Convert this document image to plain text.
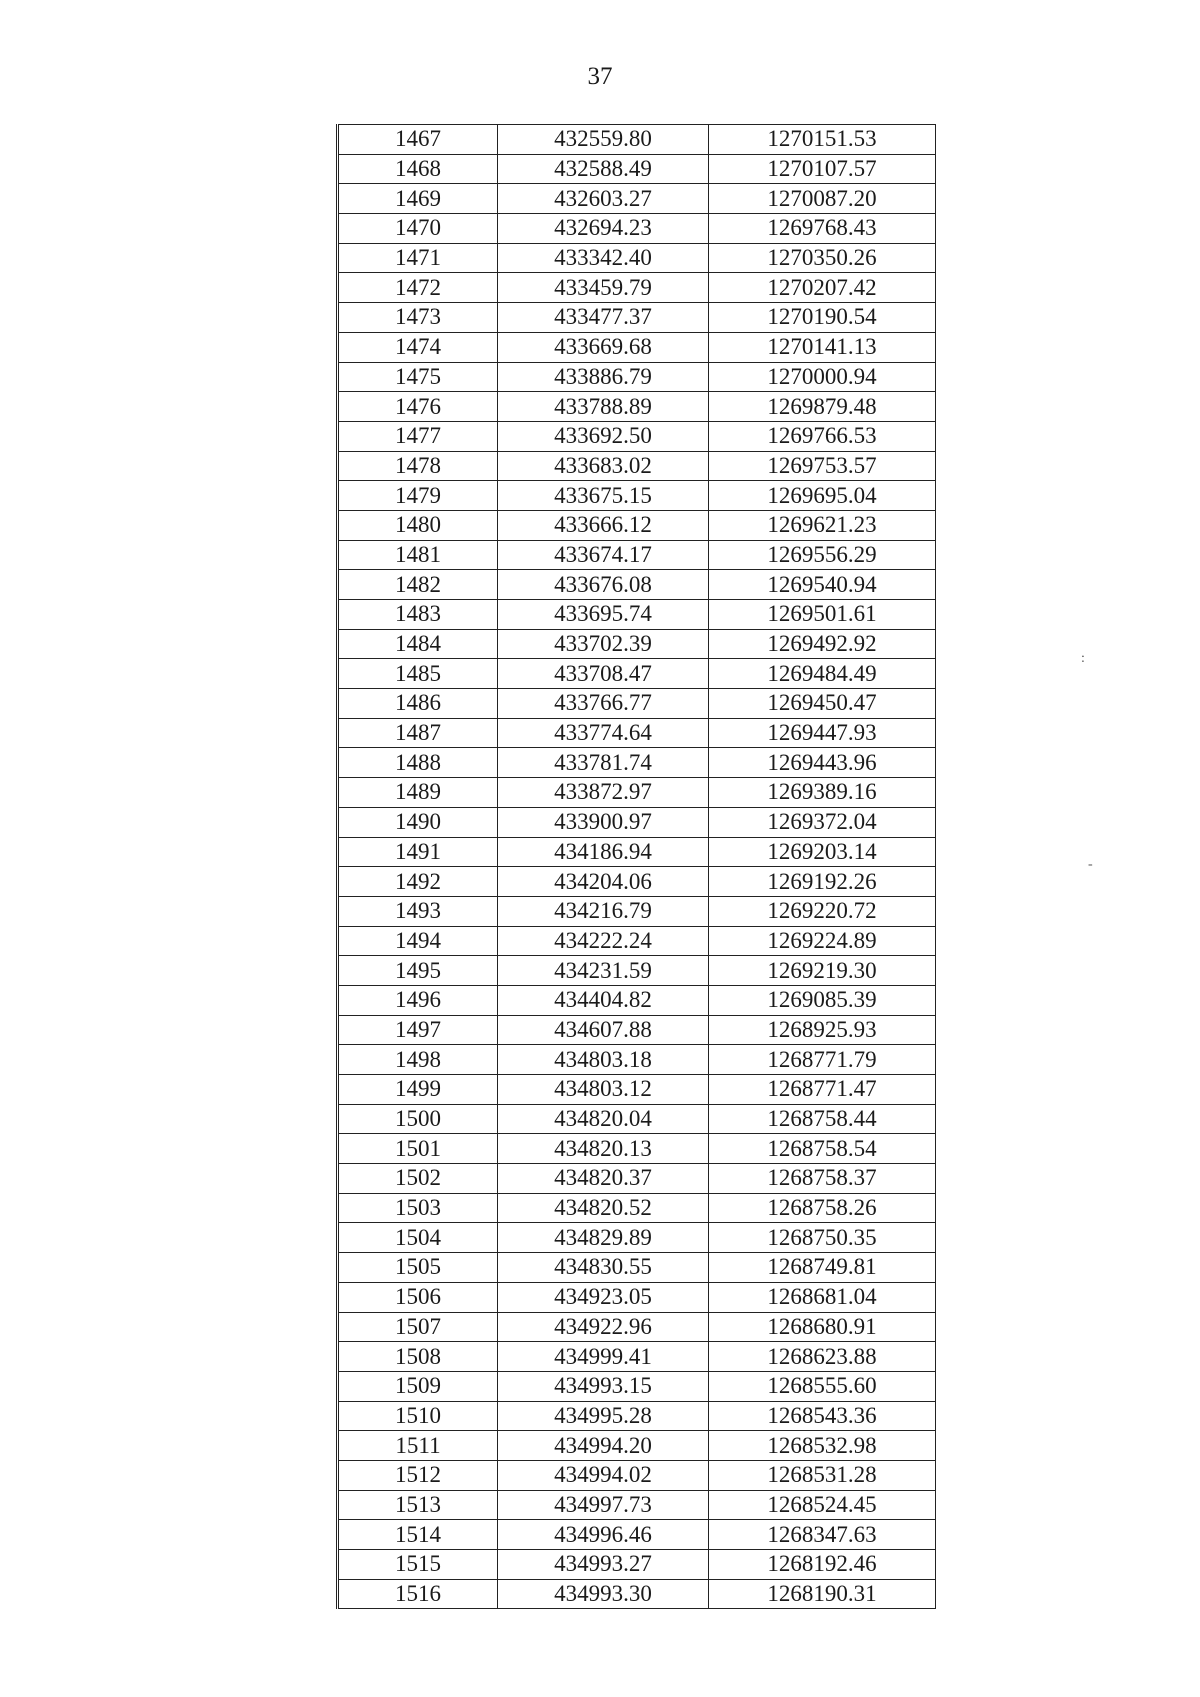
37
1467	432559.80	1270151.53
1468	432588.49	1270107.57
1469	432603.27	1270087.20
1470	432694.23	1269768.43
1471	433342.40	1270350.26
1472	433459.79	1270207.42
1473	433477.37	1270190.54
1474	433669.68	1270141.13
1475	433886.79	1270000.94
1476	433788.89	1269879.48
1477	433692.50	1269766.53
1478	433683.02	1269753.57
1479	433675.15	1269695.04
1480	433666.12	1269621.23
1481	433674.17	1269556.29
1482	433676.08	1269540.94
1483	433695.74	1269501.61
1484	433702.39	1269492.92
1485	433708.47	1269484.49
1486	433766.77	1269450.47
1487	433774.64	1269447.93
1488	433781.74	1269443.96
1489	433872.97	1269389.16
1490	433900.97	1269372.04
1491	434186.94	1269203.14
1492	434204.06	1269192.26
1493	434216.79	1269220.72
1494	434222.24	1269224.89
1495	434231.59	1269219.30
1496	434404.82	1269085.39
1497	434607.88	1268925.93
1498	434803.18	1268771.79
1499	434803.12	1268771.47
1500	434820.04	1268758.44
1501	434820.13	1268758.54
1502	434820.37	1268758.37
1503	434820.52	1268758.26
1504	434829.89	1268750.35
1505	434830.55	1268749.81
1506	434923.05	1268681.04
1507	434922.96	1268680.91
1508	434999.41	1268623.88
1509	434993.15	1268555.60
1510	434995.28	1268543.36
1511	434994.20	1268532.98
1512	434994.02	1268531.28
1513	434997.73	1268524.45
1514	434996.46	1268347.63
1515	434993.27	1268192.46
1516	434993.30	1268190.31
:
-
